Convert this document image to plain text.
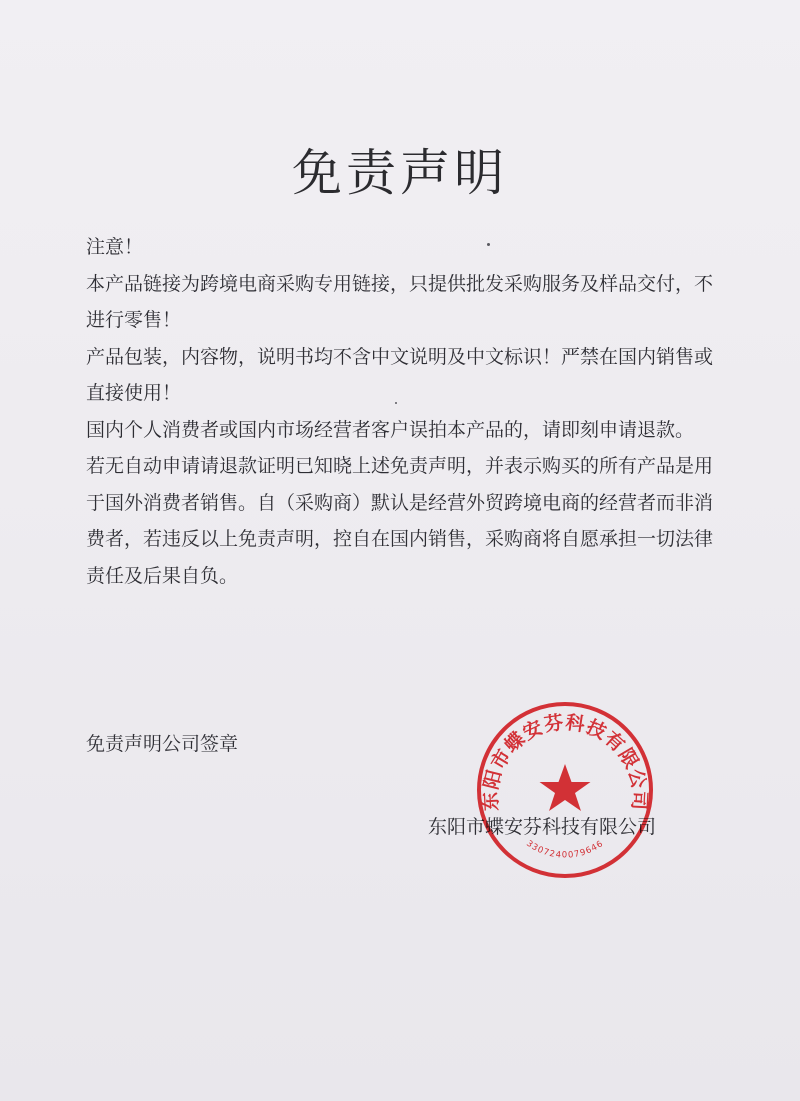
免责声明

注意！

本产品链接为跨境电商采购专用链接，只提供批发采购服务及样品交付，不进行零售！

产品包装，内容物，说明书均不含中文说明及中文标识！严禁在国内销售或直接使用！

国内个人消费者或国内市场经营者客户误拍本产品的，请即刻申请退款。

若无自动申请请退款证明已知晓上述免责声明，并表示购买的所有产品是用于国外消费者销售。自（采购商）默认是经营外贸跨境电商的经营者而非消费者，若违反以上免责声明，控自在国内销售，采购商将自愿承担一切法律责任及后果自负。

免责声明公司签章
东阳市蝶安芬科技有限公司
东阳市蝶安芬科技有限公司
3307240079646
